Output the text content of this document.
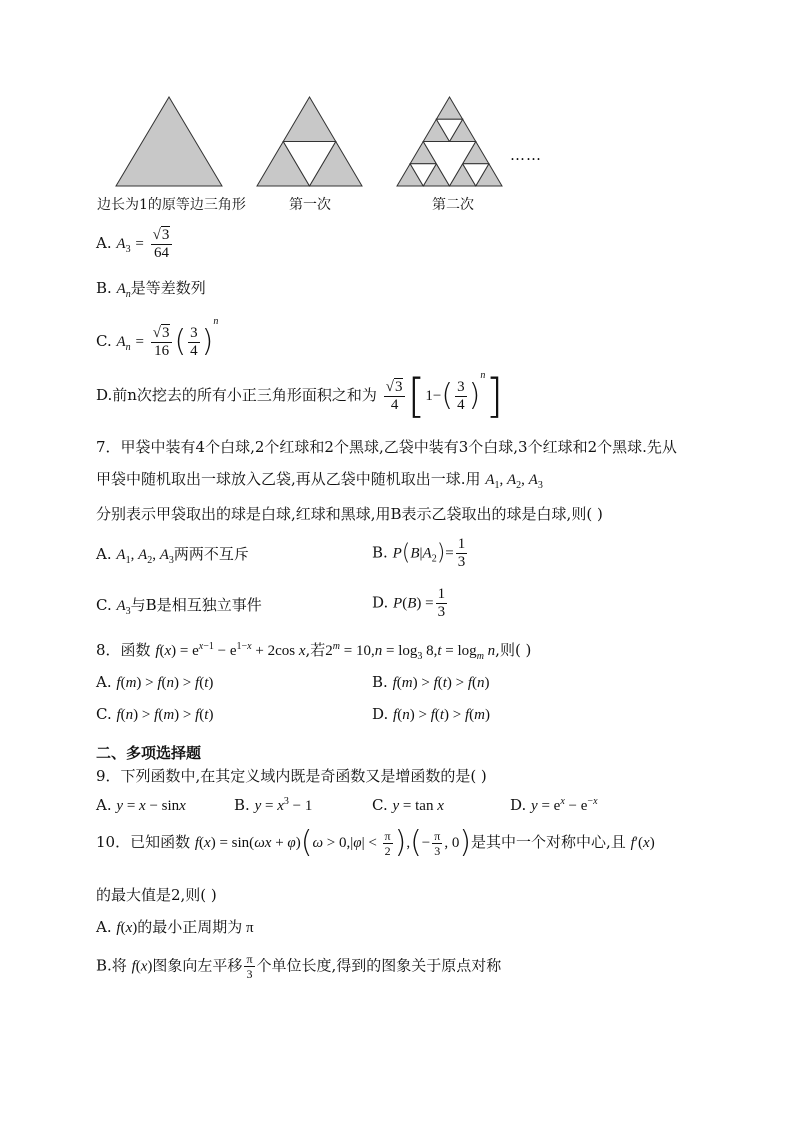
……
边长为1的原等边三角形	第一次	第二次
A. $A_3 = \frac{√3}{64}$
B. $A_n$是等差数列
C. $A_n = \frac{√3}{16}$ ( $\frac{3}{4} )^n$
D.前n次挖去的所有小正三角形面积之和为 $\frac{√3}{4} [1-( \frac{3}{4} )^n]$
7．甲袋中装有4个白球,2个红球和2个黑球,乙袋中装有3个白球,3个红球和2个黑球.先从
甲袋中随机取出一球放入乙袋,再从乙袋中随机取出一球.用 $A_1$, $A_2$, $A_3$
分别表示甲袋取出的球是白球,红球和黑球,用B表示乙袋取出的球是白球,则( )
A. $A_1$, $A_2$, $A_3$两两不互斥	B. $P(B|A_2)= \frac{1}{3}$
C. $A_3$与B是相互独立事件	D. $P(B) = \frac{1}{3}$
8．函数 $f(x) = e^{x-1} - e^{1-x} + 2\cos$ x,若$2^m = 10,n = \log_3 8,t = \log_m n$,则( )
A. f(m) > f(n) > f(t)	B. f(m) > f(t) > f(n)
C. f(n) > f(m) > f(t)	D. f(n) > f(t) > f(m)
二、多项选择题
9．下列函数中,在其定义域内既是奇函数又是增函数的是( )
A. y = x − sinx	B. $y = x^3 - 1$	C. y = tan x	D. $y = e^x - e^{-x}$
10．已知函数 $f(x) = \sin(\omega x + \varphi)(\omega > 0,|\varphi| < \frac{\pi}{2}$ ),(− $\frac{\pi}{3}$ , 0)是其中一个对称中心,且 f′(x)
的最大值是2,则( )
A. f(x)的最小正周期为 π
B.将 f(x)图象向左平移 $\frac{\pi}{3}$ 个单位长度,得到的图象关于原点对称
